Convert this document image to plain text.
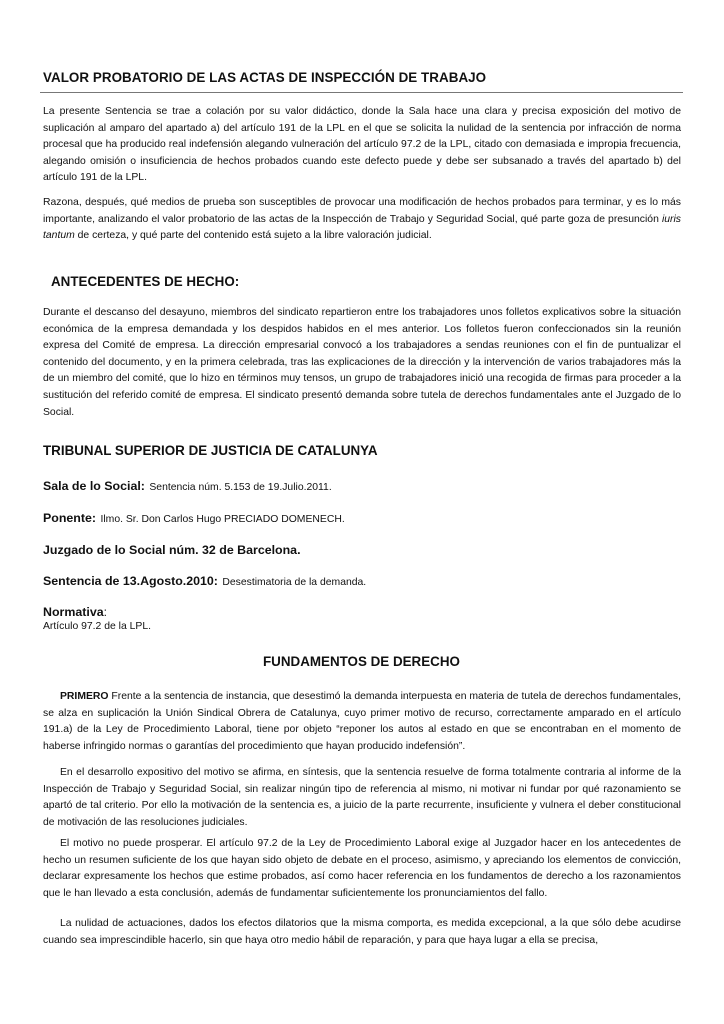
VALOR PROBATORIO DE LAS ACTAS DE INSPECCIÓN DE TRABAJO

La presente Sentencia se trae a colación por su valor didáctico, donde la Sala hace una clara y precisa exposición del motivo de suplicación al amparo del apartado a) del artículo 191 de la LPL en el que se solicita la nulidad de la sentencia por infracción de norma procesal que ha producido real indefensión alegando vulneración del artículo 97.2 de la LPL, citado con demasiada e impropia frecuencia, alegando omisión o insuficiencia de hechos probados cuando este defecto puede y debe ser subsanado a través del apartado b) del artículo 191 de la LPL.

Razona, después, qué medios de prueba son susceptibles de provocar una modificación de hechos probados para terminar, y es lo más importante, analizando el valor probatorio de las actas de la Inspección de Trabajo y Seguridad Social, qué parte goza de presunción iuris tantum de certeza, y qué parte del contenido está sujeto a la libre valoración judicial.

ANTECEDENTES DE HECHO:

Durante el descanso del desayuno, miembros del sindicato repartieron entre los trabajadores unos folletos explicativos sobre la situación económica de la empresa demandada y los despidos habidos en el mes anterior. Los folletos fueron confeccionados sin la reunión expresa del Comité de empresa. La dirección empresarial convocó a los trabajadores a sendas reuniones con el fin de puntualizar el contenido del documento, y en la primera celebrada, tras las explicaciones de la dirección y la intervención de varios trabajadores más la de un miembro del comité, que lo hizo en términos muy tensos, un grupo de trabajadores inició una recogida de firmas para proceder a la sustitución del referido comité de empresa. El sindicato presentó demanda sobre tutela de derechos fundamentales ante el Juzgado de lo Social.

TRIBUNAL SUPERIOR DE JUSTICIA DE CATALUNYA

Sala de lo Social: Sentencia núm. 5.153 de 19.Julio.2011.

Ponente: Ilmo. Sr. Don Carlos Hugo PRECIADO DOMENECH.

Juzgado de lo Social núm. 32 de Barcelona.

Sentencia de 13.Agosto.2010: Desestimatoria de la demanda.

Normativa:

Artículo 97.2 de la LPL.

FUNDAMENTOS DE DERECHO

PRIMERO Frente a la sentencia de instancia, que desestimó la demanda interpuesta en materia de tutela de derechos fundamentales, se alza en suplicación la Unión Sindical Obrera de Catalunya, cuyo primer motivo de recurso, correctamente amparado en el artículo 191.a) de la Ley de Procedimiento Laboral, tiene por objeto “reponer los autos al estado en que se encontraban en el momento de haberse infringido normas o garantías del procedimiento que hayan producido indefensión”.

En el desarrollo expositivo del motivo se afirma, en síntesis, que la sentencia resuelve de forma totalmente contraria al informe de la Inspección de Trabajo y Seguridad Social, sin realizar ningún tipo de referencia al mismo, ni motivar ni fundar por qué razonamiento se apartó de tal criterio. Por ello la motivación de la sentencia es, a juicio de la parte recurrente, insuficiente y vulnera el deber constitucional de motivación de las resoluciones judiciales.

El motivo no puede prosperar. El artículo 97.2 de la Ley de Procedimiento Laboral exige al Juzgador hacer en los antecedentes de hecho un resumen suficiente de los que hayan sido objeto de debate en el proceso, asimismo, y apreciando los elementos de convicción, declarar expresamente los hechos que estime probados, así como hacer referencia en los fundamentos de derecho a los razonamientos que le han llevado a esta conclusión, además de fundamentar suficientemente los pronunciamientos del fallo.

La nulidad de actuaciones, dados los efectos dilatorios que la misma comporta, es medida excepcional, a la que sólo debe acudirse cuando sea imprescindible hacerlo, sin que haya otro medio hábil de reparación, y para que haya lugar a ella se precisa,
